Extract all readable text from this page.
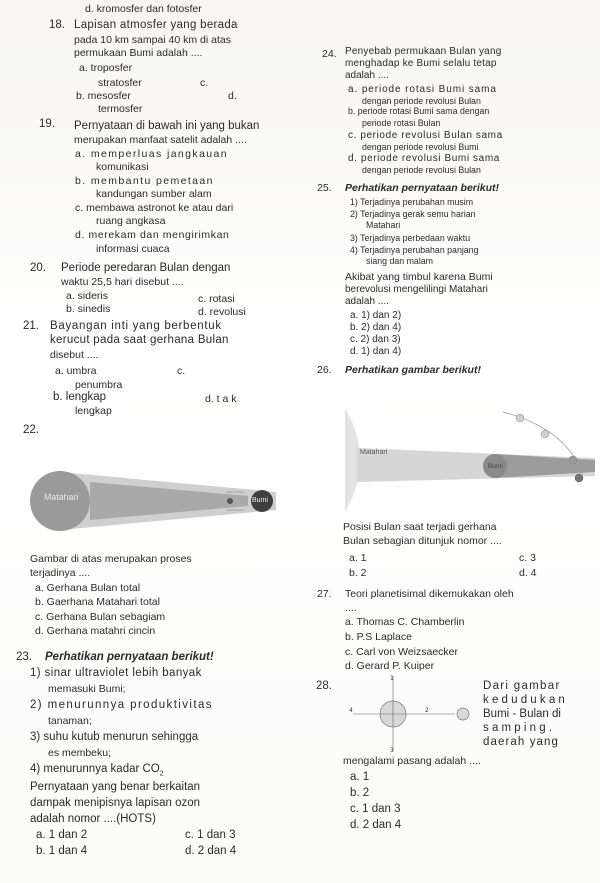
d. kromosfer dan fotosfer
18. Lapisan atmosfer yang berada
pada 10 km sampai 40 km di atas
permukaan Bumi adalah ....
a. troposfer
stratosfer	c.
b. mesosfer	d.
termosfer
19. Pernyataan di bawah ini yang bukan
merupakan manfaat satelit adalah ....
a. memperluas jangkauan
komunikasi
b. membantu pemetaan
kandungan sumber alam
c. membawa astronot ke atau dari
ruang angkasa
d. merekam dan mengirimkan
informasi cuaca
20. Periode peredaran Bulan dengan
waktu 25,5 hari disebut ....
a. sideris	c. rotasi
b. sinedis	d. revolusi
21. Bayangan inti yang berbentuk
kerucut pada saat gerhana Bulan
disebut ....
a. umbra	c.
penumbra
b. lengkap	d. t a k
lengkap
22.
Matahari	Bumi
Gambar di atas merupakan proses
terjadinya ....
a. Gerhana Bulan total
b. Gaerhana Matahari total
c. Gerhana Bulan sebagiam
d. Gerhana matahri cincin
23. Perhatikan pernyataan berikut!
1) sinar ultraviolet lebih banyak
memasuki Bumi;
2) menurunnya produktivitas
tanaman;
3) suhu kutub menurun sehingga
es membeku;
4) menurunnya kadar $CO_2$
Pernyataan yang benar berkaitan
dampak menipisnya lapisan ozon
adalah nomor ....(HOTS)
a. 1 dan 2	c. 1 dan 3
b. 1 dan 4	d. 2 dan 4
24. Penyebab permukaan Bulan yang
menghadap ke Bumi selalu tetap
adalah ....
a. periode rotasi Bumi sama
dengan periode revolusi Bulan
b. periode rotasi Bumi sama dengan
periode rotasi Bulan
c. periode revolusi Bulan sama
dengan periode revolusi Bumi
d. periode revolusi Bumi sama
dengan periode revolusi Bulan
25. Perhatikan pernyataan berikut!
1) Terjadinya perubahan musim
2) Terjadinya gerak semu harian
Matahari
3) Terjadinya perbedaan waktu
4) Terjadinya perubahan panjang
siang dan malam
Akibat yang timbul karena Bumi
berevolusi mengelilingi Matahari
adalah ....
a. 1) dan 2)
b. 2) dan 4)
c. 2) dan 3)
d. 1) dan 4)
26. Perhatikan gambar berikut!
Matahari
Bumi
Posisi Bulan saat terjadi gerhana
Bulan sebagian ditunjuk nomor ....
a. 1	c. 3
b. 2	d. 4
27. Teori planetisimal dikemukakan oleh
....
a. Thomas C. Chamberlin
b. P.S Laplace
c. Carl von Weizsaecker
d. Gerard P. Kuiper
28.
1
4	2
3
Dari gambar
k e d u d u k a n
Bumi - Bulan di
s a m p i n g .
daerah yang
mengalami pasang adalah ....
a. 1
b. 2
c. 1 dan 3
d. 2 dan 4
